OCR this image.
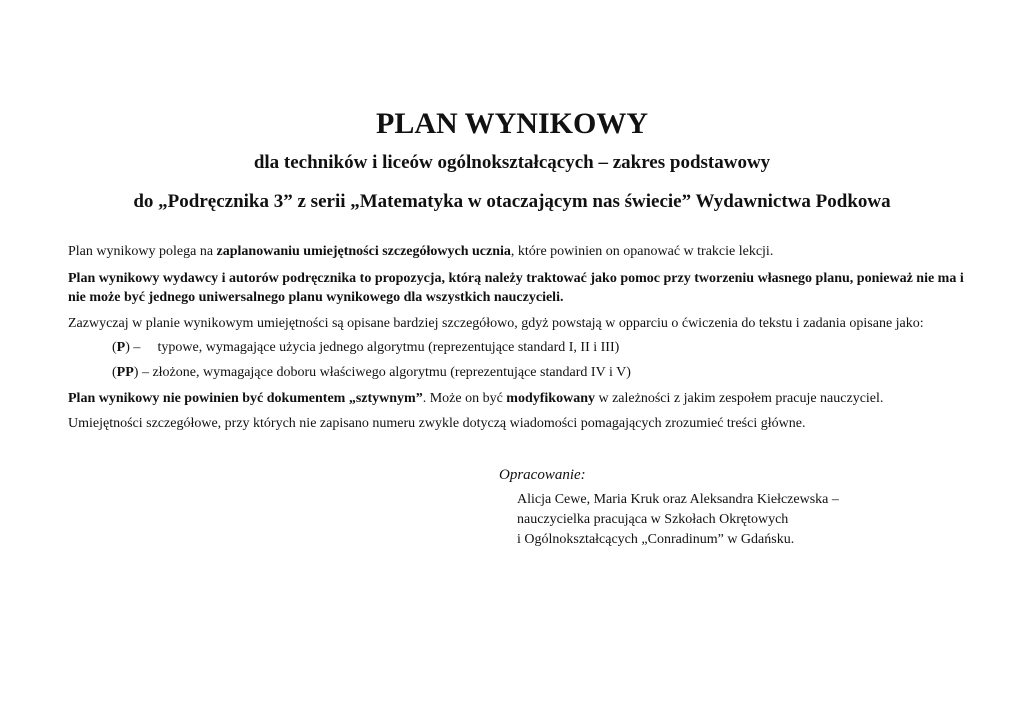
PLAN WYNIKOWY
dla techników i liceów ogólnokształcących – zakres podstawowy
do „Podręcznika 3” z serii „Matematyka w otaczającym nas świecie” Wydawnictwa Podkowa
Plan wynikowy polega na zaplanowaniu umiejętności szczegółowych ucznia, które powinien on opanować w trakcie lekcji.
Plan wynikowy wydawcy i autorów podręcznika to propozycja, którą należy traktować jako pomoc przy tworzeniu własnego planu, ponieważ nie ma i nie może być jednego uniwersalnego planu wynikowego dla wszystkich nauczycieli.
Zazwyczaj w planie wynikowym umiejętności są opisane bardziej szczegółowo, gdyż powstają w opparciu o ćwiczenia do tekstu i zadania opisane jako:
(P) – typowe, wymagające użycia jednego algorytmu (reprezentujące standard I, II i III)
(PP) – złożone, wymagające doboru właściwego algorytmu (reprezentujące standard IV i V)
Plan wynikowy nie powinien być dokumentem „sztywnym”. Może on być modyfikowany w zależności z jakim zespołem pracuje nauczyciel.
Umiejętności szczegółowe, przy których nie zapisano numeru zwykle dotyczą wiadomości pomagających zrozumieć treści główne.
Opracowanie:
Alicja Cewe, Maria Kruk oraz Aleksandra Kiełczewska –
nauczycielka pracująca w Szkołach Okrętowych
i Ogólnokształcących „Conradinum” w Gdańsku.
